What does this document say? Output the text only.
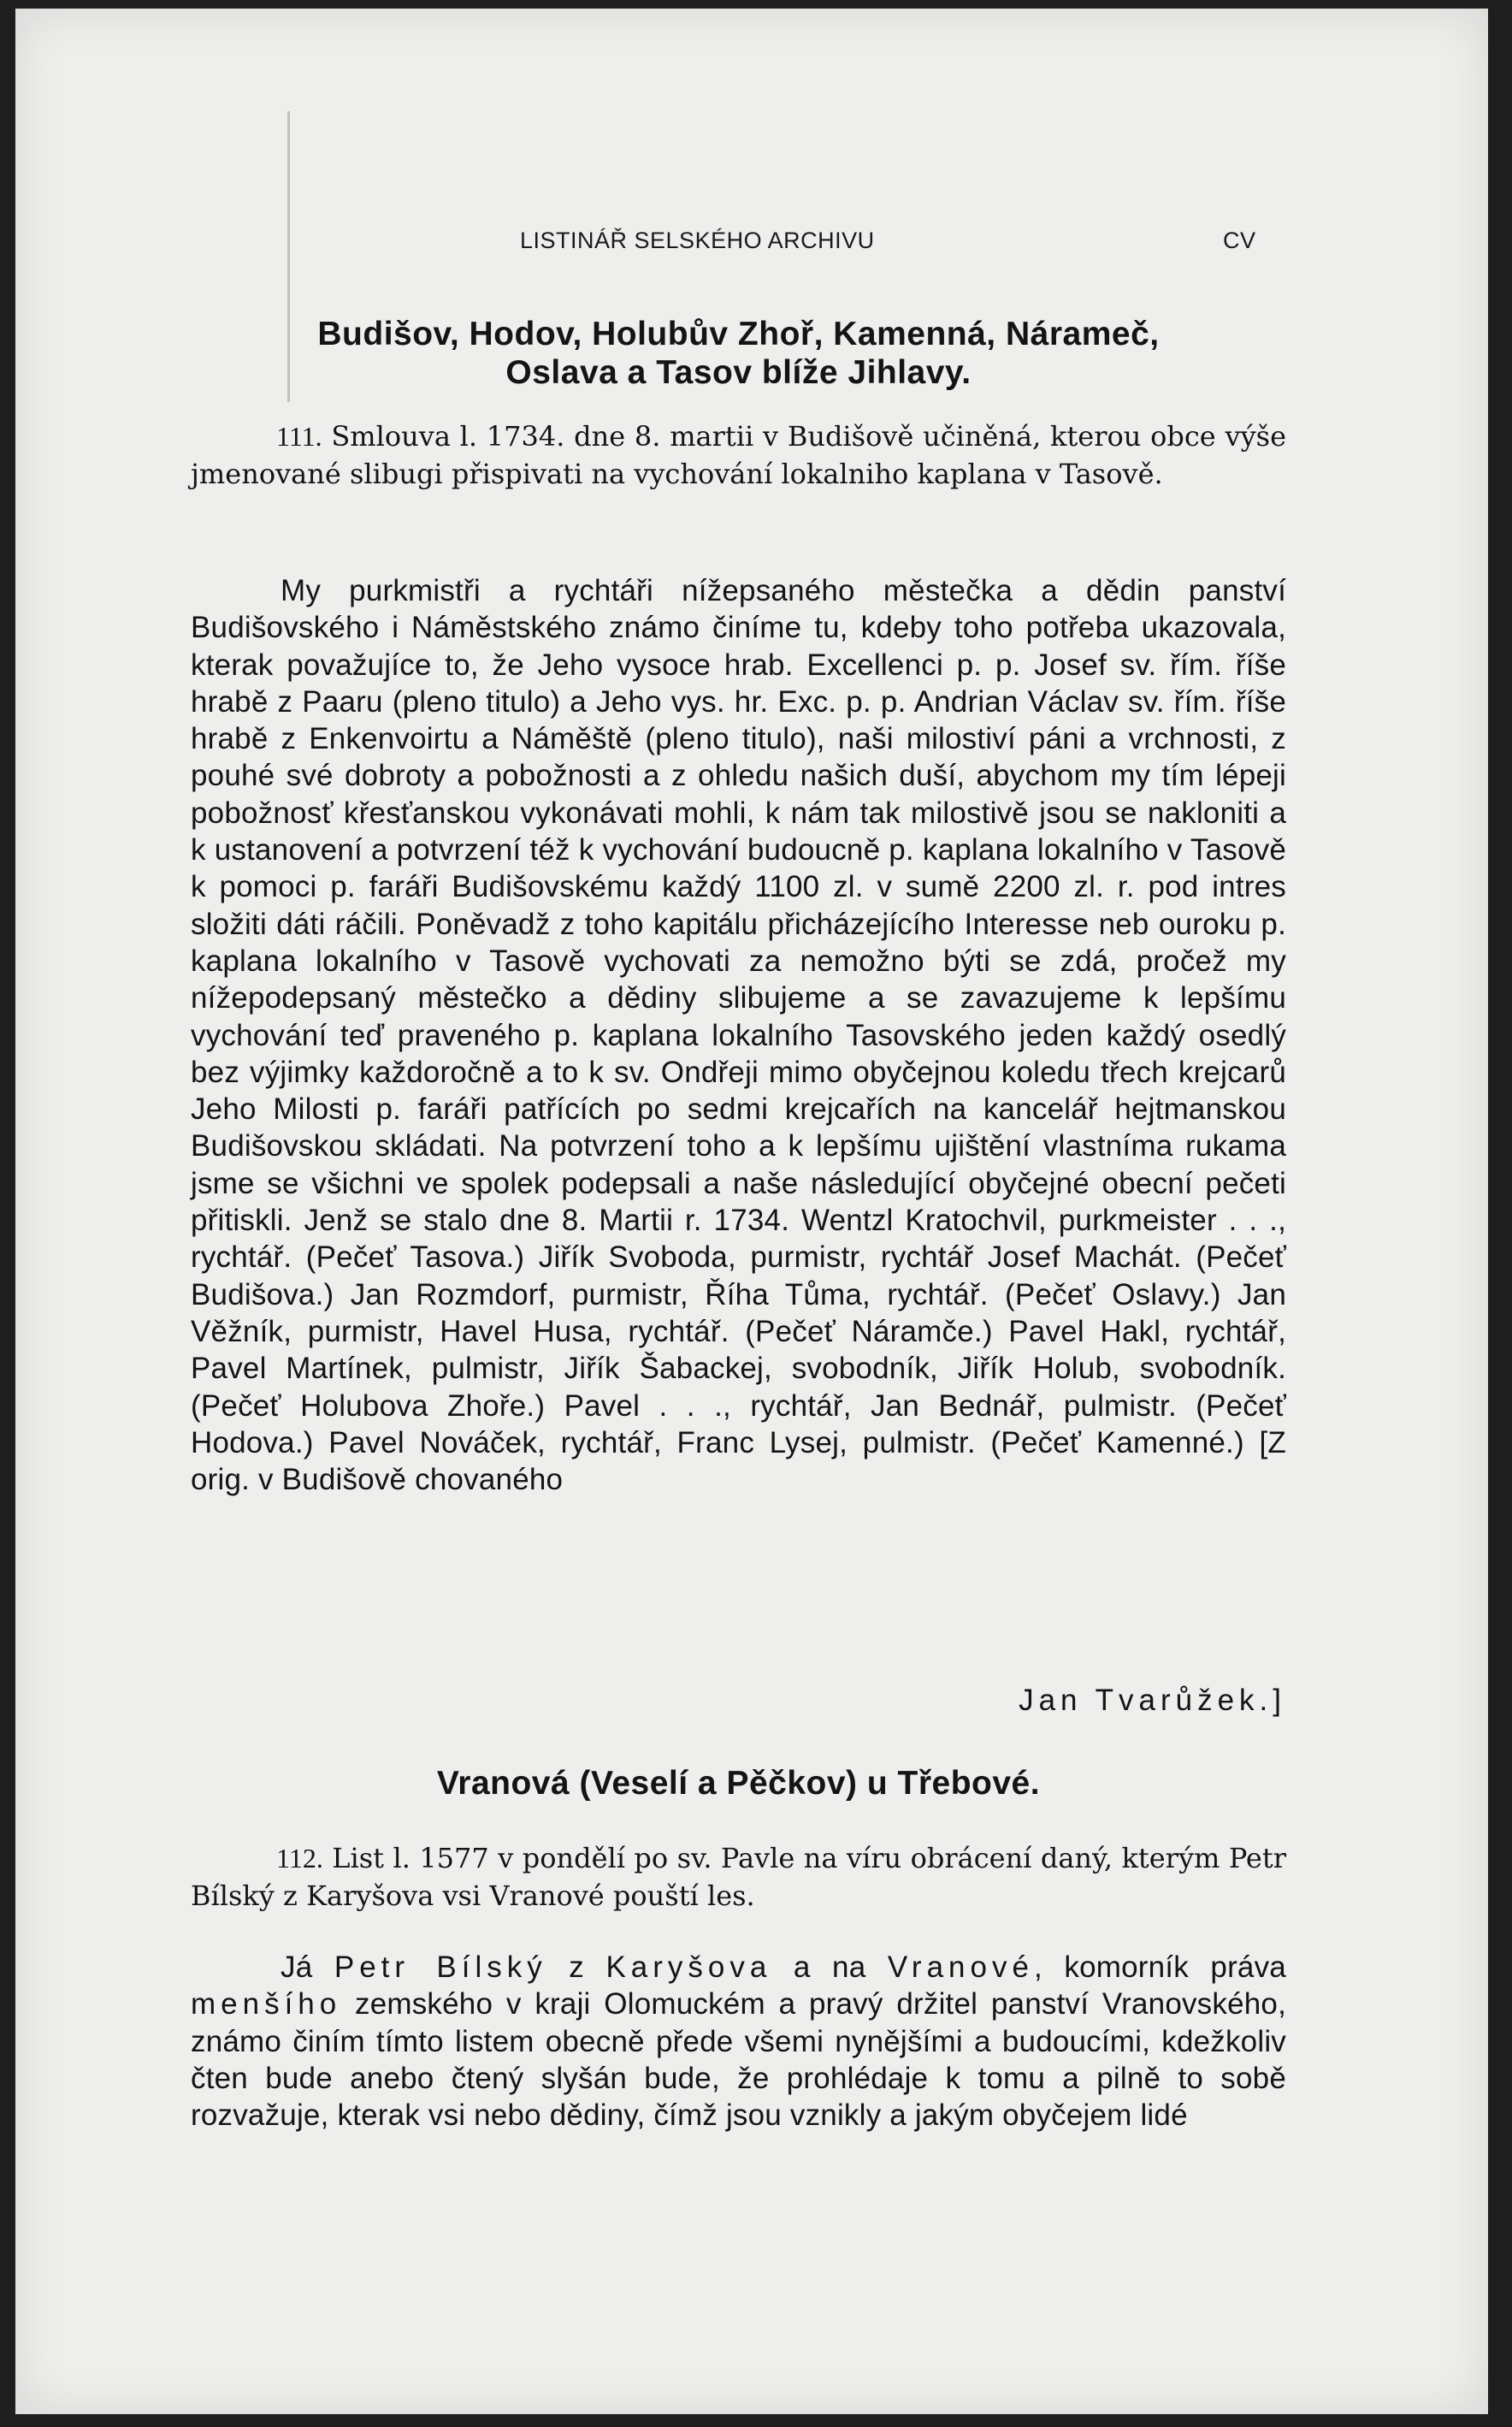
LISTINÁŘ SELSKÉHO ARCHIVU	CV
Budišov, Hodov, Holubův Zhoř, Kamenná, Náramеč,
Oslava a Tasov blíže Jihlavy.
111. Smlouva l. 1734. dne 8. martii v Budišově učiněná, kterou obce výše jmenované slibugi přispivati na vychování lokalniho kaplana v Tasově.
My purkmistři a rychtáři nížepsaného městečka a dědin panství Budišovského i Náměstského známo činíme tu, kdeby toho potřeba ukazovala, kterak považujíce to, že Jeho vysoce hrab. Excellenci p. p. Josef sv. řím. říše hrabě z Paaru (pleno titulo) a Jeho vys. hr. Exc. p. p. Andrian Václav sv. řím. říše hrabě z Enkenvoirtu a Náměště (pleno titulo), naši milostiví páni a vrchnosti, z pouhé své dobroty a pobožnosti a z ohledu našich duší, abychom my tím lépeji pobožnosť křesťanskou vykonávati mohli, k nám tak milostivě jsou se nakloniti a k ustanovení a potvrzení též k vychování budoucně p. kaplana lokalního v Tasově k pomoci p. faráři Budišovskému každý 1100 zl. v sumě 2200 zl. r. pod intres složiti dáti ráčili. Poněvadž z toho kapitálu přicházejícího Interesse neb ouroku p. kaplana lokalního v Tasově vychovati za nemožno býti se zdá, pročež my nížepodepsaný městečko a dědiny slibujeme a se zavazujeme k lepšímu vychování teď praveného p. kaplana lokalního Tasovského jeden každý osedlý bez výjimky každoročně a to k sv. Ondřeji mimo obyčejnou koledu třech krejcarů Jeho Milosti p. faráři patřících po sedmi krejcařích na kancelář hejtmanskou Budišovskou skládati. Na potvrzení toho a k lepšímu ujištění vlastníma rukama jsme se všichni ve spolek podepsali a naše následující obyčejné obecní pečeti přitiskli. Jenž se stalo dne 8. Martii r. 1734. Wentzl Kratochvil, purkmeister . . ., rychtář. (Pečeť Tasova.) Jiřík Svoboda, purmistr, rychtář Josef Machát. (Pečeť Budišova.) Jan Rozmdorf, purmistr, Říha Tůma, rychtář. (Pečeť Oslavy.) Jan Věžník, purmistr, Havel Husa, rychtář. (Pečeť Náramče.) Pavel Hakl, rychtář, Pavel Martínek, pulmistr, Jiřík Šabackej, svobodník, Jiřík Holub, svobodník. (Pečeť Holubova Zhoře.) Pavel . . ., rychtář, Jan Bednář, pulmistr. (Pečeť Hodova.) Pavel Nováček, rychtář, Franc Lysej, pulmistr. (Pečeť Kamenné.) [Z orig. v Budišově chovaného
Jan Tvarůžek.]
Vranová (Veselí a Pěčkov) u Třebové.
112. List l. 1577 v pondělí po sv. Pavle na víru obrácení daný, kterým Petr Bílský z Karyšova vsi Vranové pouští les.
Já Petr Bílský z Karyšova a na Vranové, komorník práva menšího zemského v kraji Olomuckém a pravý držitel panství Vranovského, známo činím tímto listem obecně přede všemi nynějšími a budoucími, kdežkoliv čten bude anebo čtený slyšán bude, že prohlédaje k tomu a pilně to sobě rozvažuje, kterak vsi nebo dědiny, čímž jsou vznikly a jakým obyčejem lidé
